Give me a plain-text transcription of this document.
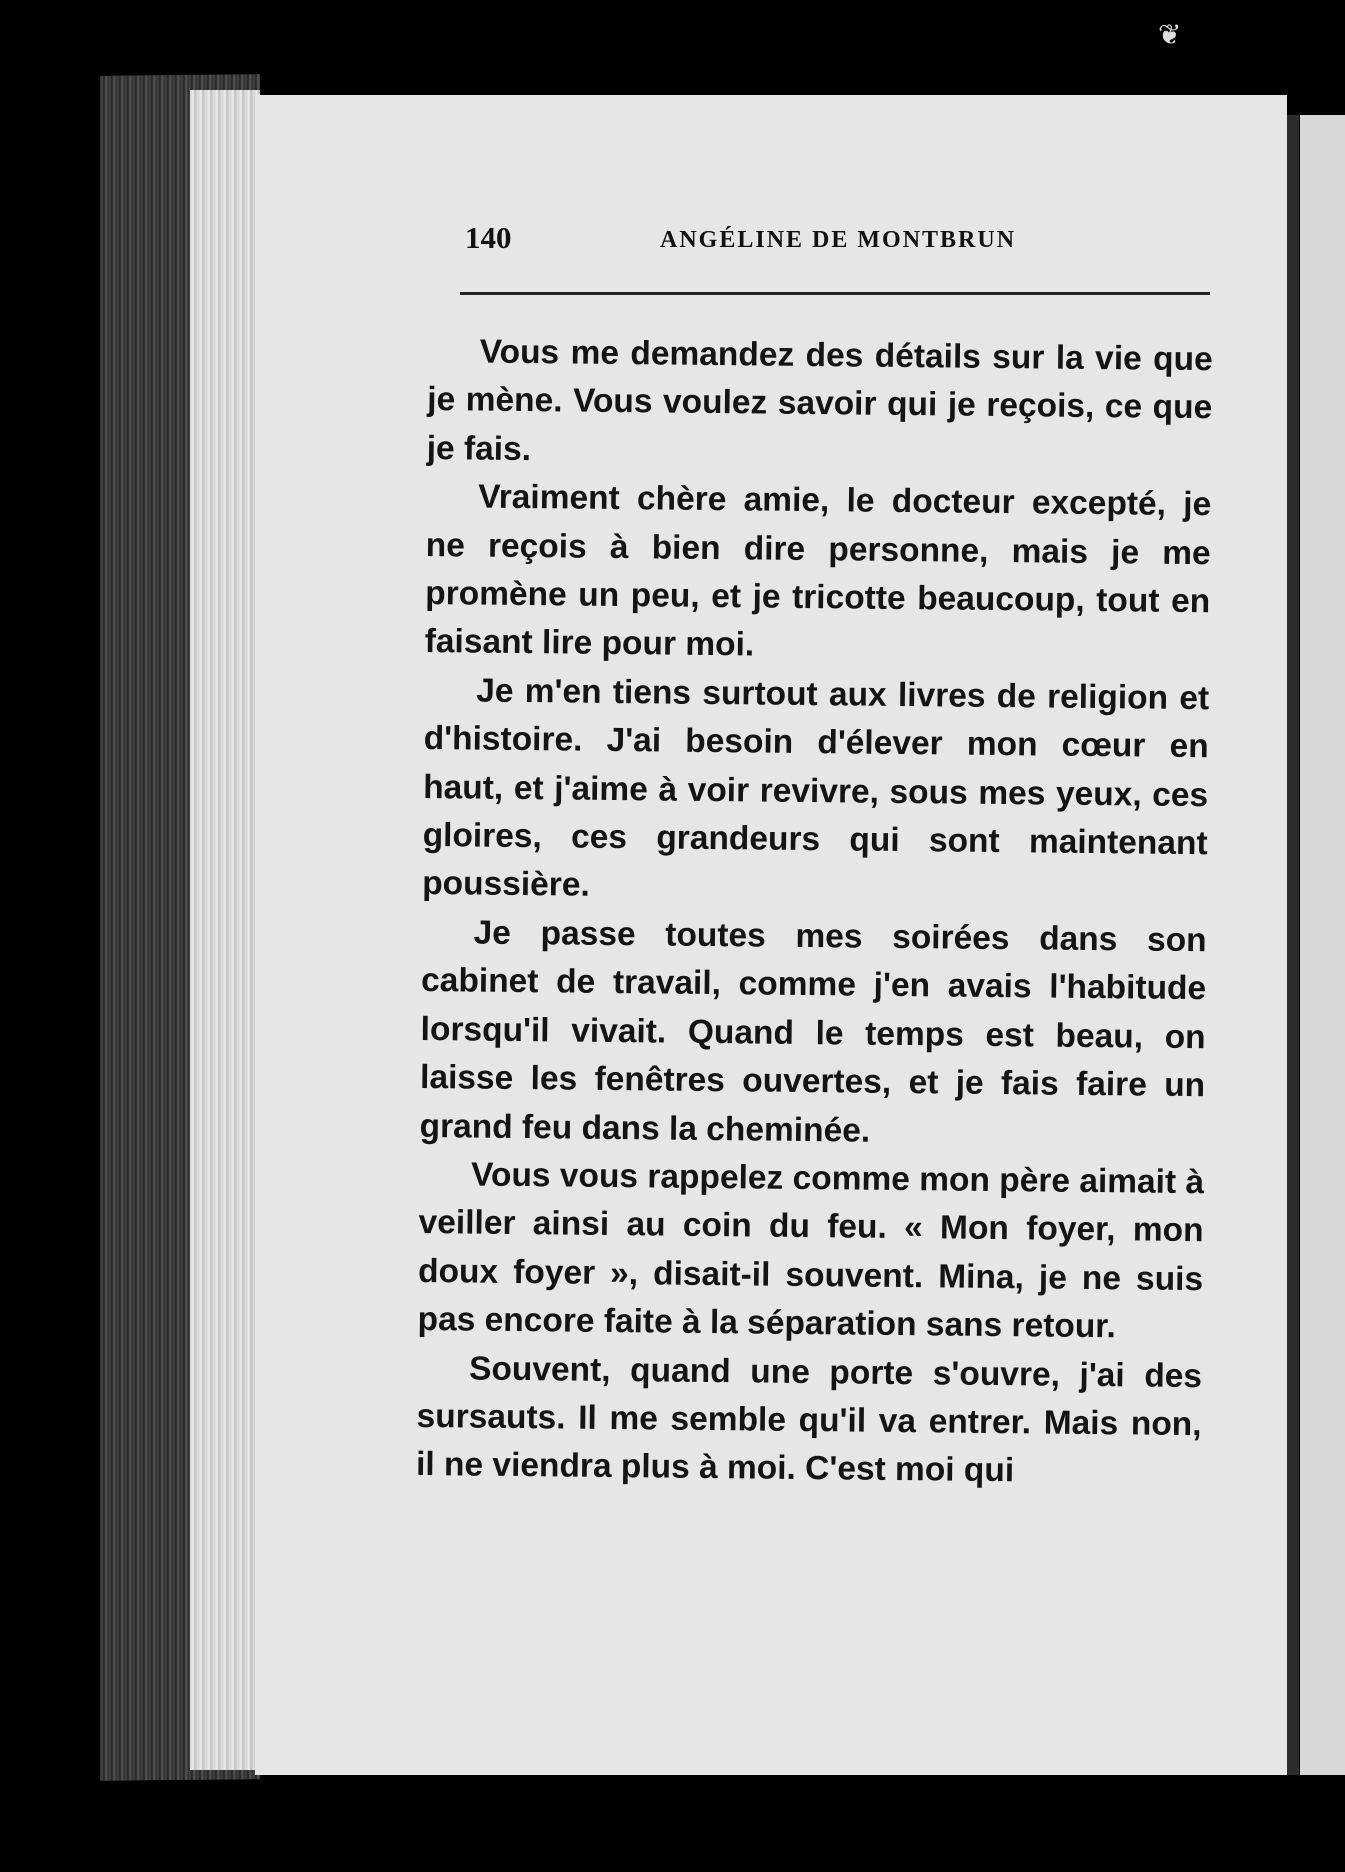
❦
140	ANGÉLINE DE MONTBRUN

Vous me demandez des détails sur la vie que je mène. Vous voulez savoir qui je reçois, ce que je fais.

Vraiment chère amie, le docteur excepté, je ne reçois à bien dire personne, mais je me promène un peu, et je tricotte beaucoup, tout en faisant lire pour moi.

Je m'en tiens surtout aux livres de religion et d'histoire. J'ai besoin d'élever mon cœur en haut, et j'aime à voir revivre, sous mes yeux, ces gloires, ces grandeurs qui sont maintenant poussière.

Je passe toutes mes soirées dans son cabinet de travail, comme j'en avais l'habitude lorsqu'il vivait. Quand le temps est beau, on laisse les fenêtres ouvertes, et je fais faire un grand feu dans la cheminée.

Vous vous rappelez comme mon père aimait à veiller ainsi au coin du feu. « Mon foyer, mon doux foyer », disait-il souvent. Mina, je ne suis pas encore faite à la séparation sans retour.

Souvent, quand une porte s'ouvre, j'ai des sursauts. Il me semble qu'il va entrer. Mais non, il ne viendra plus à moi. C'est moi qui
